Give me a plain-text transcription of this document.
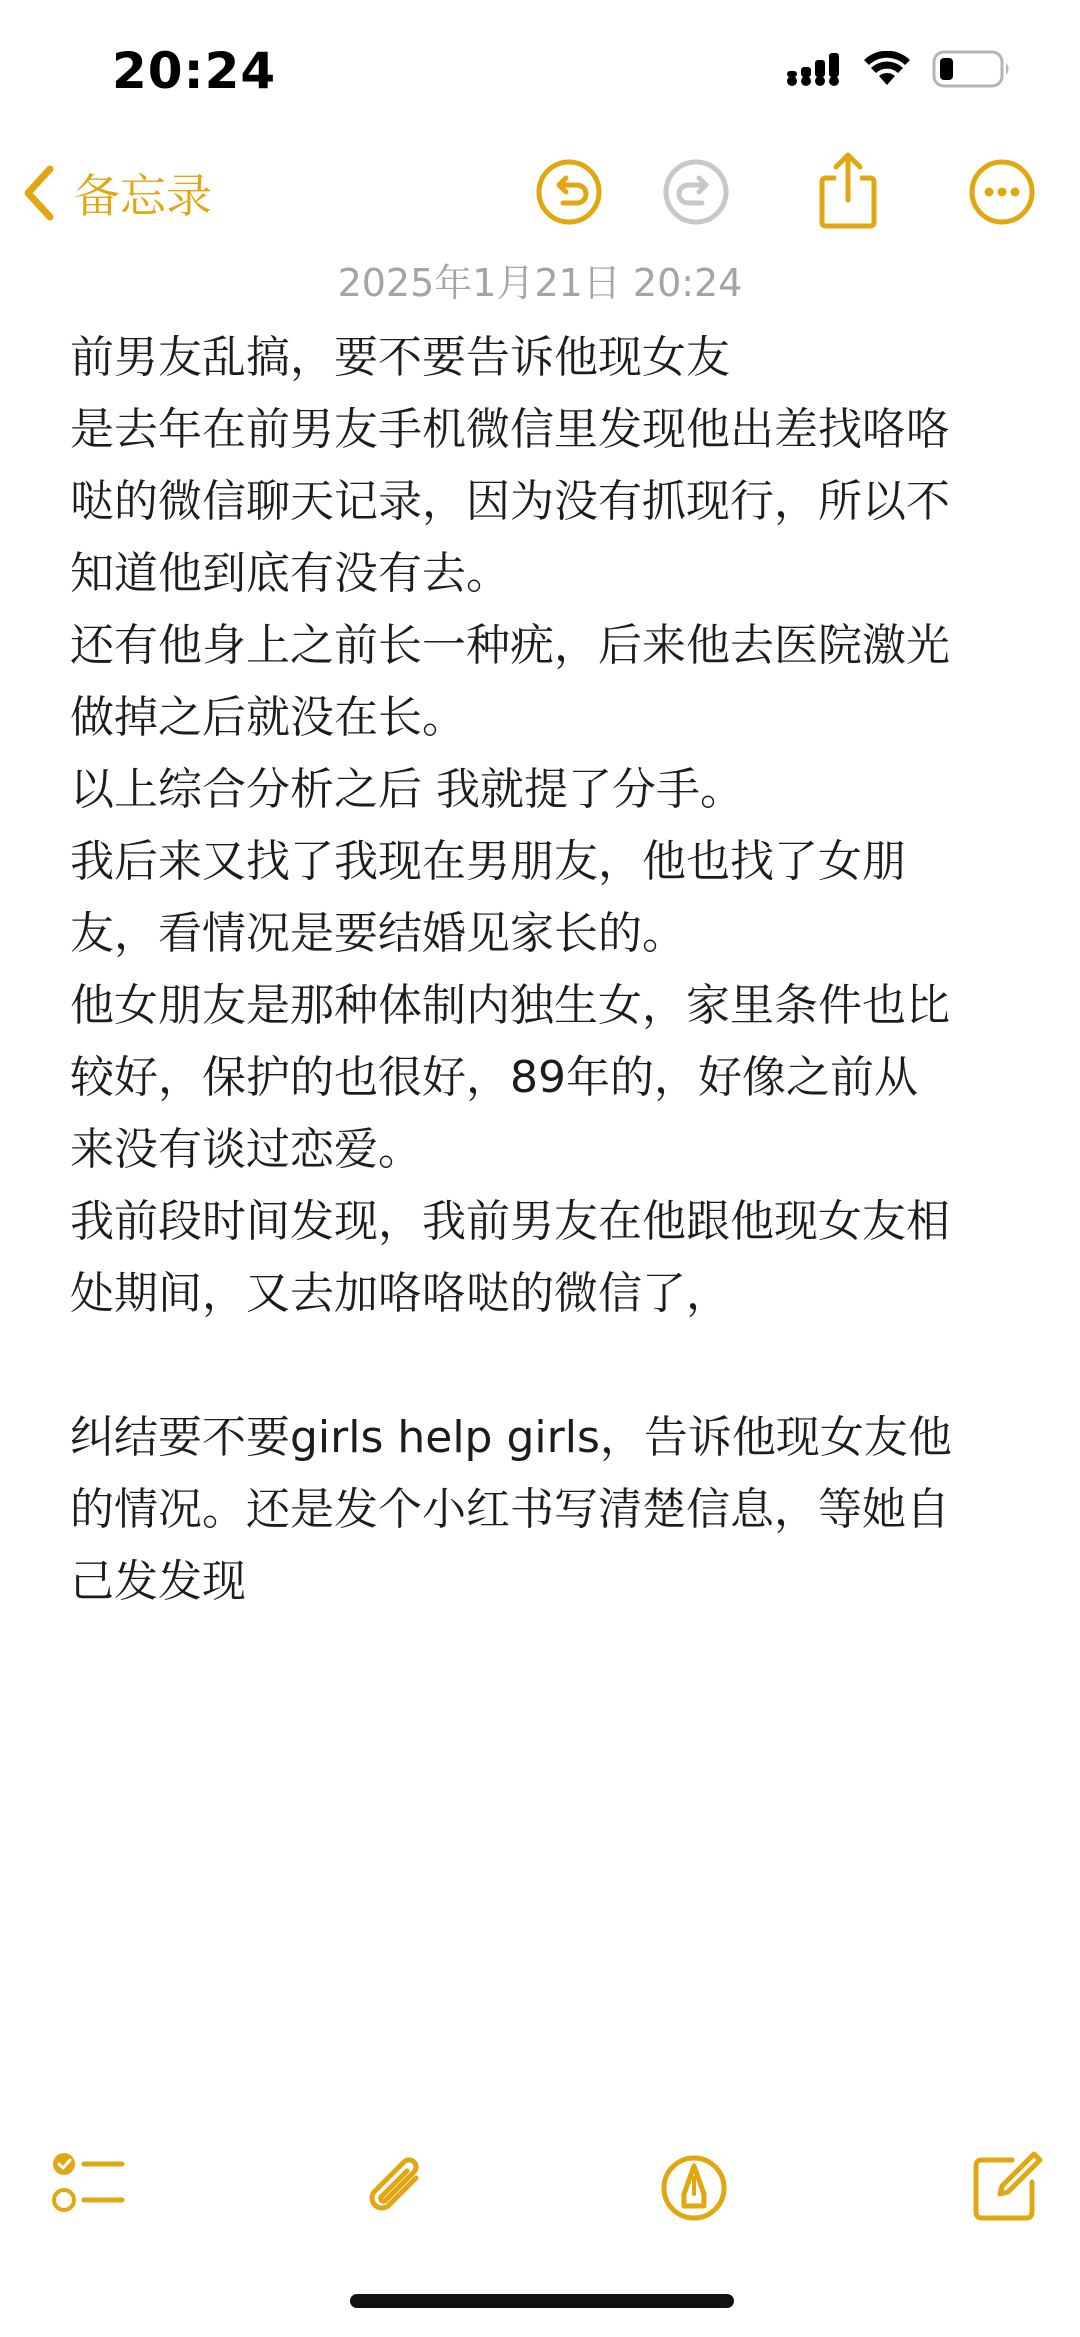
20:24
备忘录
2025年1月21日 20:24
前男友乱搞，要不要告诉他现女友
是去年在前男友手机微信里发现他出差找咯咯
哒的微信聊天记录，因为没有抓现行，所以不
知道他到底有没有去。
还有他身上之前长一种疣，后来他去医院激光
做掉之后就没在长。
以上综合分析之后 我就提了分手。
我后来又找了我现在男朋友，他也找了女朋
友，看情况是要结婚见家长的。
他女朋友是那种体制内独生女，家里条件也比
较好，保护的也很好，89年的，好像之前从
来没有谈过恋爱。
我前段时间发现，我前男友在他跟他现女友相
处期间，又去加咯咯哒的微信了，
纠结要不要girls help girls，告诉他现女友他
的情况。还是发个小红书写清楚信息，等她自
己发发现
